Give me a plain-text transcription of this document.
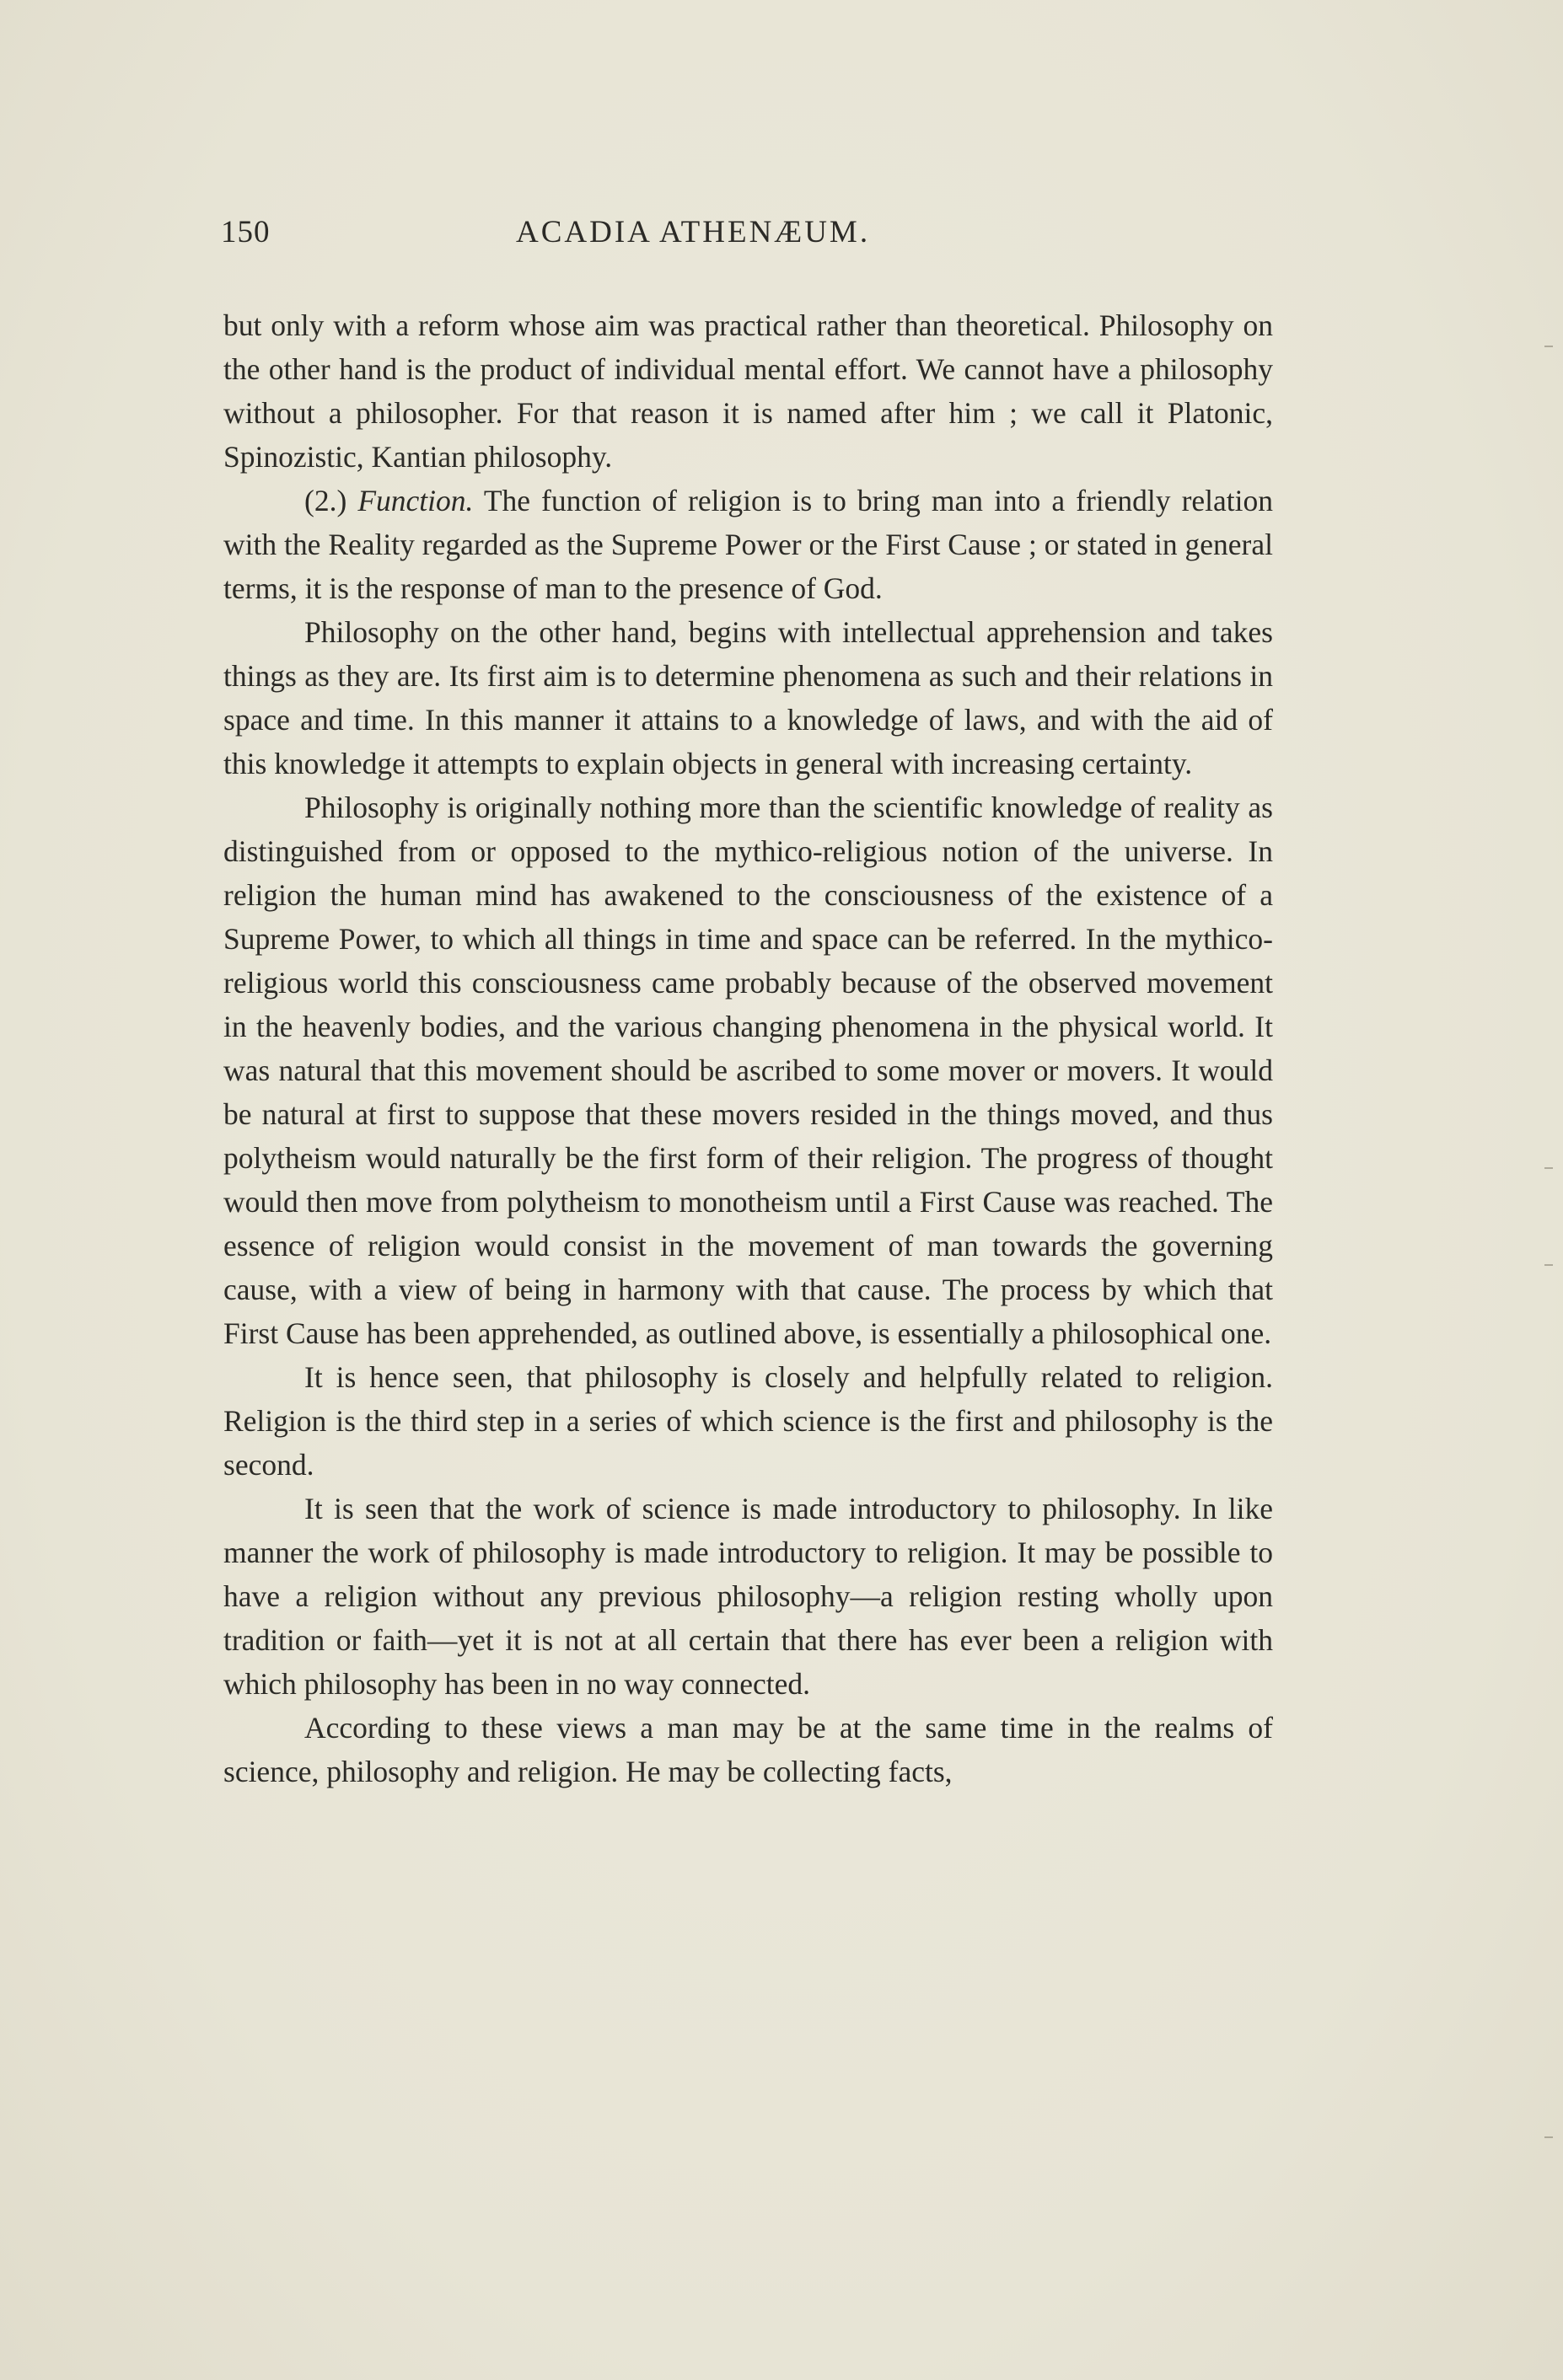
150	ACADIA ATHENÆUM.

but only with a reform whose aim was practical rather than theoretical. Philosophy on the other hand is the product of individual mental effort. We cannot have a philosophy without a philosopher. For that reason it is named after him ; we call it Platonic, Spinozistic, Kantian philosophy.

(2.) Function. The function of religion is to bring man into a friendly relation with the Reality regarded as the Supreme Power or the First Cause ; or stated in general terms, it is the response of man to the presence of God.

Philosophy on the other hand, begins with intellectual apprehension and takes things as they are. Its first aim is to determine phenomena as such and their relations in space and time. In this manner it attains to a knowledge of laws, and with the aid of this knowledge it attempts to explain objects in general with increasing certainty.

Philosophy is originally nothing more than the scientific knowledge of reality as distinguished from or opposed to the mythico-religious notion of the universe. In religion the human mind has awakened to the consciousness of the existence of a Supreme Power, to which all things in time and space can be referred. In the mythico-religious world this consciousness came probably because of the observed movement in the heavenly bodies, and the various changing phenomena in the physical world. It was natural that this movement should be ascribed to some mover or movers. It would be natural at first to suppose that these movers resided in the things moved, and thus polytheism would naturally be the first form of their religion. The progress of thought would then move from polytheism to monotheism until a First Cause was reached. The essence of religion would consist in the movement of man towards the governing cause, with a view of being in harmony with that cause. The process by which that First Cause has been apprehended, as outlined above, is essentially a philosophical one.

It is hence seen, that philosophy is closely and helpfully related to religion. Religion is the third step in a series of which science is the first and philosophy is the second.

It is seen that the work of science is made introductory to philosophy. In like manner the work of philosophy is made introductory to religion. It may be possible to have a religion without any previous philosophy—a religion resting wholly upon tradition or faith—yet it is not at all certain that there has ever been a religion with which philosophy has been in no way connected.

According to these views a man may be at the same time in the realms of science, philosophy and religion. He may be collecting facts,
